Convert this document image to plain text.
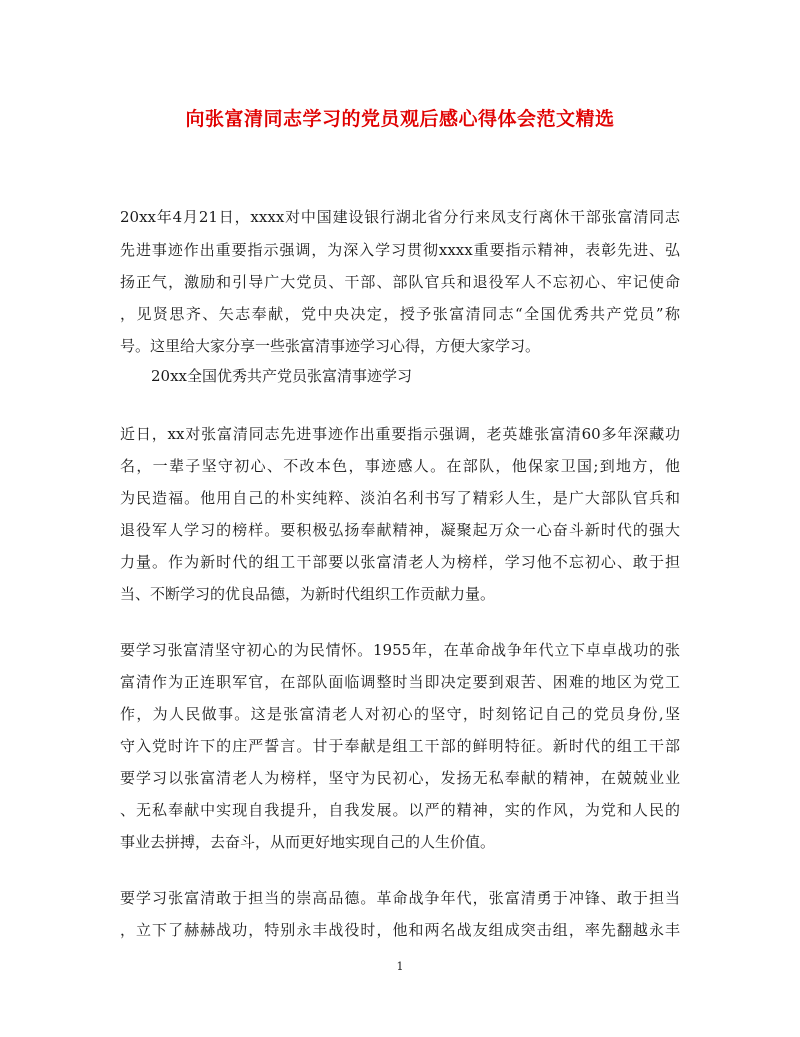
向张富清同志学习的党员观后感心得体会范文精选

20xx年4月21日，xxxx对中国建设银行湖北省分行来凤支行离休干部张富清同志

先进事迹作出重要指示强调，为深入学习贯彻xxxx重要指示精神，表彰先进、弘

扬正气，激励和引导广大党员、干部、部队官兵和退役军人不忘初心、牢记使命

，见贤思齐、矢志奉献，党中央决定，授予张富清同志“全国优秀共产党员”称

号。这里给大家分享一些张富清事迹学习心得，方便大家学习。

20xx全国优秀共产党员张富清事迹学习

近日，xx对张富清同志先进事迹作出重要指示强调，老英雄张富清60多年深藏功

名，一辈子坚守初心、不改本色，事迹感人。在部队，他保家卫国;到地方，他

为民造福。他用自己的朴实纯粹、淡泊名利书写了精彩人生，是广大部队官兵和

退役军人学习的榜样。要积极弘扬奉献精神，凝聚起万众一心奋斗新时代的强大

力量。作为新时代的组工干部要以张富清老人为榜样，学习他不忘初心、敢于担

当、不断学习的优良品德，为新时代组织工作贡献力量。

要学习张富清坚守初心的为民情怀。1955年，在革命战争年代立下卓卓战功的张

富清作为正连职军官，在部队面临调整时当即决定要到艰苦、困难的地区为党工

作，为人民做事。这是张富清老人对初心的坚守，时刻铭记自己的党员身份,坚

守入党时许下的庄严誓言。甘于奉献是组工干部的鲜明特征。新时代的组工干部

要学习以张富清老人为榜样，坚守为民初心，发扬无私奉献的精神，在兢兢业业

、无私奉献中实现自我提升，自我发展。以严的精神，实的作风，为党和人民的

事业去拼搏，去奋斗，从而更好地实现自己的人生价值。

要学习张富清敢于担当的崇高品德。革命战争年代，张富清勇于冲锋、敢于担当

，立下了赫赫战功，特别永丰战役时，他和两名战友组成突击组，率先翻越永丰

1
